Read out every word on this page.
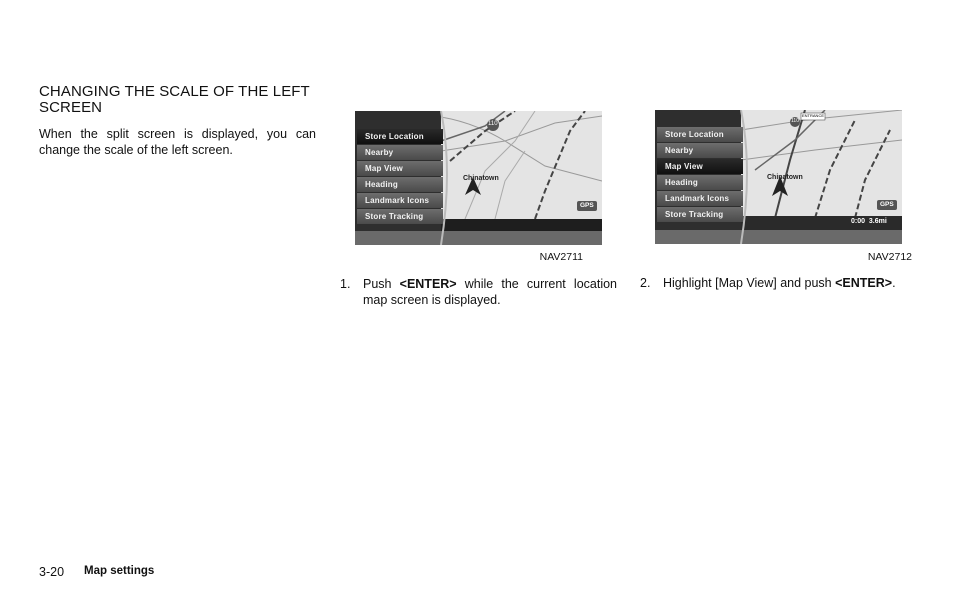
CHANGING THE SCALE OF THE LEFT SCREEN
When the split screen is displayed, you can change the scale of the left screen.
Chinatown
110
GPS
Store Location
Nearby
Map View
Heading
Landmark Icons
Store Tracking
NAV2711
Chinatown
ENTRANCE
110
GPS
0:00  3.6mi
Store Location
Nearby
Map View
Heading
Landmark Icons
Store Tracking
NAV2712
1. Push <ENTER> while the current location map screen is displayed.
2. Highlight [Map View] and push <ENTER>.
3-20 Map settings
